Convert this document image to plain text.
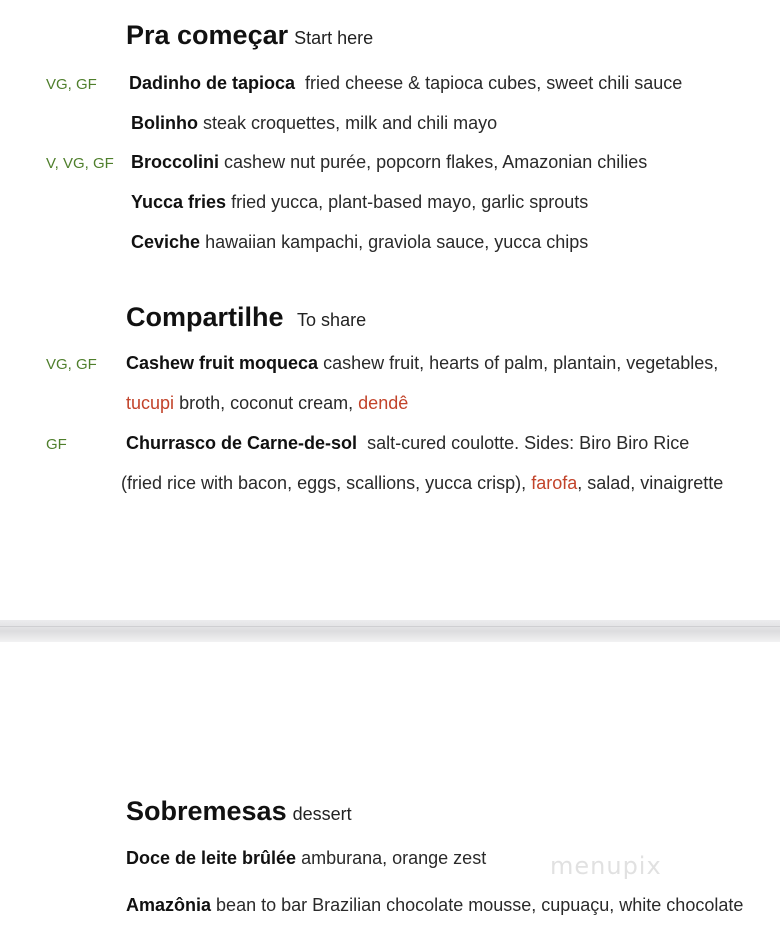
Pra começar Start here
VG, GF Dadinho de tapioca fried cheese & tapioca cubes, sweet chili sauce
Bolinho steak croquettes, milk and chili mayo
V, VG, GF Broccolini cashew nut purée, popcorn flakes, Amazonian chilies
Yucca fries fried yucca, plant-based mayo, garlic sprouts
Ceviche hawaiian kampachi, graviola sauce, yucca chips
Compartilhe To share
VG, GF Cashew fruit moqueca cashew fruit, hearts of palm, plantain, vegetables,
tucupi broth, coconut cream, dendê
GF	Churrasco de Carne-de-sol salt-cured coulotte. Sides: Biro Biro Rice
(fried rice with bacon, eggs, scallions, yucca crisp), farofa, salad, vinaigrette
Sobremesas dessert
Doce de leite brûlée amburana, orange zest
Amazônia bean to bar Brazilian chocolate mousse, cupuaçu, white chocolate
menupix
